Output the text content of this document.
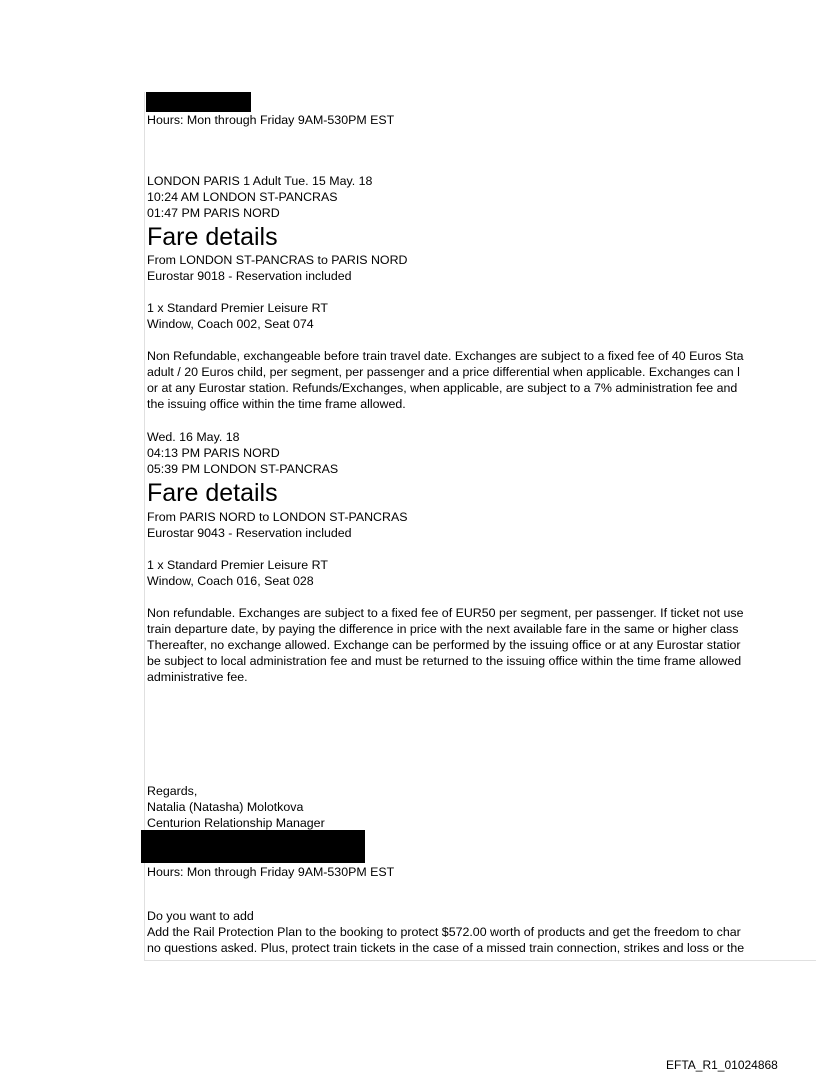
Hours: Mon through Friday 9AM-530PM EST

LONDON PARIS 1 Adult Tue. 15 May. 18

10:24 AM LONDON ST-PANCRAS

01:47 PM PARIS NORD

Fare details

From LONDON ST-PANCRAS to PARIS NORD

Eurostar 9018 - Reservation included

1 x Standard Premier Leisure RT

Window, Coach 002, Seat 074

Non Refundable, exchangeable before train travel date. Exchanges are subject to a fixed fee of 40 Euros Sta

adult / 20 Euros child, per segment, per passenger and a price differential when applicable. Exchanges can l

or at any Eurostar station. Refunds/Exchanges, when applicable, are subject to a 7% administration fee and

the issuing office within the time frame allowed.

Wed. 16 May. 18

04:13 PM PARIS NORD

05:39 PM LONDON ST-PANCRAS

Fare details

From PARIS NORD to LONDON ST-PANCRAS

Eurostar 9043 - Reservation included

1 x Standard Premier Leisure RT

Window, Coach 016, Seat 028

Non refundable. Exchanges are subject to a fixed fee of EUR50 per segment, per passenger. If ticket not use

train departure date, by paying the difference in price with the next available fare in the same or higher class

Thereafter, no exchange allowed. Exchange can be performed by the issuing office or at any Eurostar statior

be subject to local administration fee and must be returned to the issuing office within the time frame allowed

administrative fee.

Regards,

Natalia (Natasha) Molotkova

Centurion Relationship Manager

Hours: Mon through Friday 9AM-530PM EST

Do you want to add

Add the Rail Protection Plan to the booking to protect $572.00 worth of products and get the freedom to char

no questions asked. Plus, protect train tickets in the case of a missed train connection, strikes and loss or the

EFTA_R1_01024868
